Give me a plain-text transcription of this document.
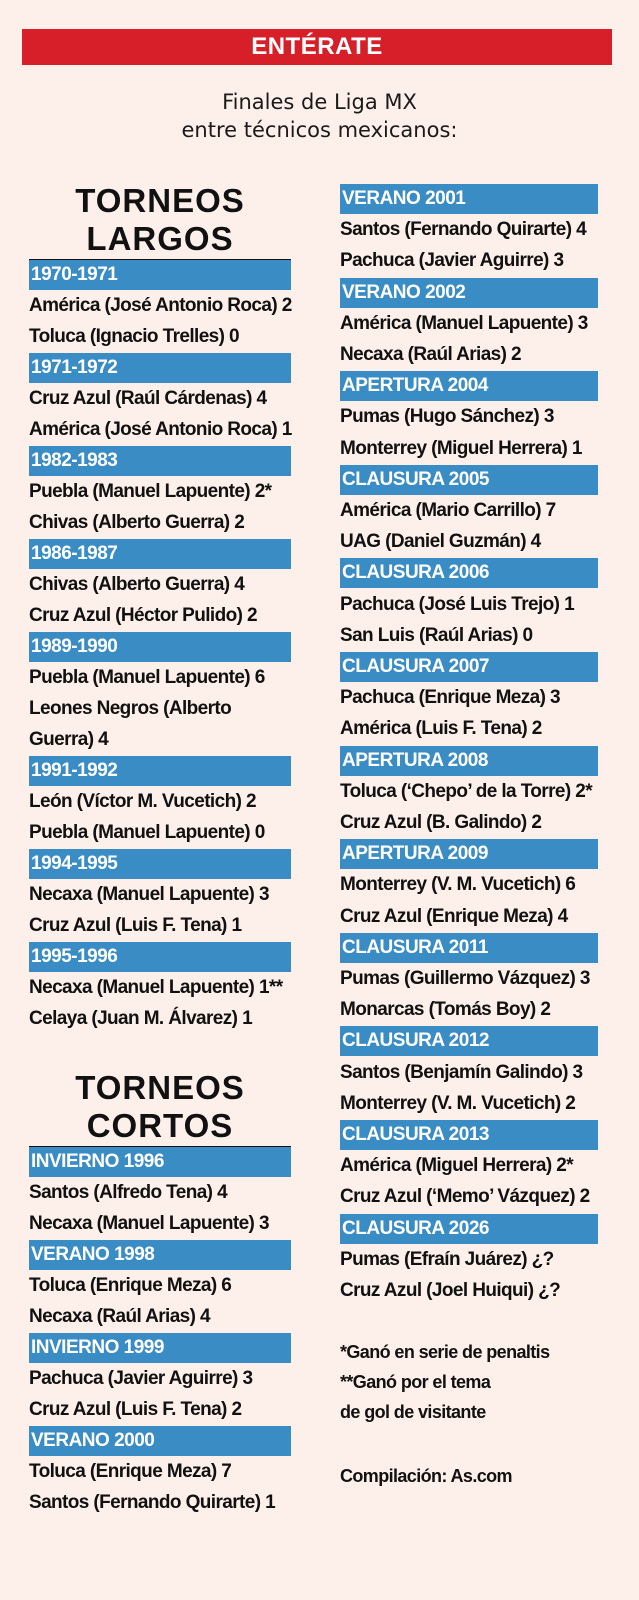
ENTÉRATE
Finales de Liga MX
entre técnicos mexicanos:
TORNEOS
LARGOS
1970-1971
América (José Antonio Roca) 2
Toluca (Ignacio Trelles) 0
1971-1972
Cruz Azul (Raúl Cárdenas) 4
América (José Antonio Roca) 1
1982-1983
Puebla (Manuel Lapuente) 2*
Chivas (Alberto Guerra) 2
1986-1987
Chivas (Alberto Guerra) 4
Cruz Azul (Héctor Pulido) 2
1989-1990
Puebla (Manuel Lapuente) 6
Leones Negros (Alberto
Guerra) 4
1991-1992
León (Víctor M. Vucetich) 2
Puebla (Manuel Lapuente) 0
1994-1995
Necaxa (Manuel Lapuente) 3
Cruz Azul (Luis F. Tena) 1
1995-1996
Necaxa (Manuel Lapuente) 1**
Celaya (Juan M. Álvarez) 1
TORNEOS
CORTOS
INVIERNO 1996
Santos (Alfredo Tena) 4
Necaxa (Manuel Lapuente) 3
VERANO 1998
Toluca (Enrique Meza) 6
Necaxa (Raúl Arias) 4
INVIERNO 1999
Pachuca (Javier Aguirre) 3
Cruz Azul (Luis F. Tena) 2
VERANO 2000
Toluca (Enrique Meza) 7
Santos (Fernando Quirarte) 1
VERANO 2001
Santos (Fernando Quirarte) 4
Pachuca (Javier Aguirre) 3
VERANO 2002
América (Manuel Lapuente) 3
Necaxa (Raúl Arias) 2
APERTURA 2004
Pumas (Hugo Sánchez) 3
Monterrey (Miguel Herrera) 1
CLAUSURA 2005
América (Mario Carrillo) 7
UAG (Daniel Guzmán) 4
CLAUSURA 2006
Pachuca (José Luis Trejo) 1
San Luis (Raúl Arias) 0
CLAUSURA 2007
Pachuca (Enrique Meza) 3
América (Luis F. Tena) 2
APERTURA 2008
Toluca (‘Chepo’ de la Torre) 2*
Cruz Azul (B. Galindo) 2
APERTURA 2009
Monterrey (V. M. Vucetich) 6
Cruz Azul (Enrique Meza) 4
CLAUSURA 2011
Pumas (Guillermo Vázquez) 3
Monarcas (Tomás Boy) 2
CLAUSURA 2012
Santos (Benjamín Galindo) 3
Monterrey (V. M. Vucetich) 2
CLAUSURA 2013
América (Miguel Herrera) 2*
Cruz Azul (‘Memo’ Vázquez) 2
CLAUSURA 2026
Pumas (Efraín Juárez) ¿?
Cruz Azul (Joel Huiqui) ¿?
*Ganó en serie de penaltis
**Ganó por el tema
de gol de visitante
Compilación: As.com
